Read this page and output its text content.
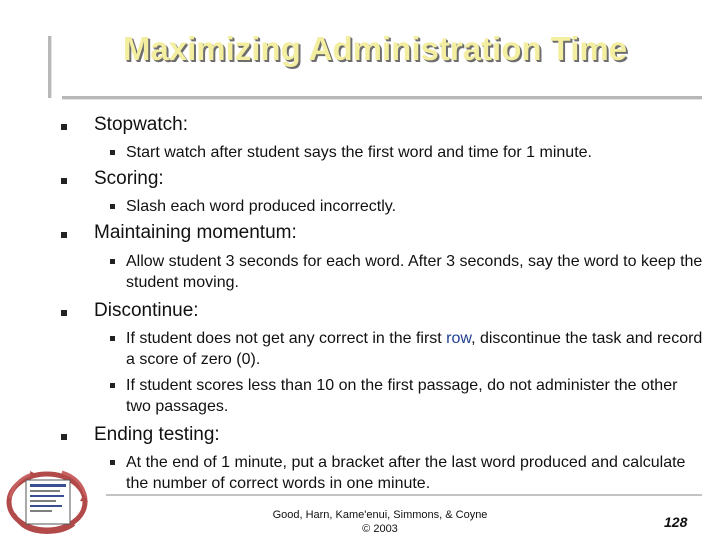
Maximizing Administration Time
Stopwatch:
Start watch after student says the first word and time for 1 minute.
Scoring:
Slash each word produced incorrectly.
Maintaining momentum:
Allow student 3 seconds for each word. After 3 seconds, say the word to keep the student moving.
Discontinue:
If student does not get any correct in the first row, discontinue the task and record a score of zero (0).
If student scores less than 10 on the first passage, do not administer the other two passages.
Ending testing:
At the end of 1 minute, put a bracket after the last word produced and calculate the number of correct words in one minute.
Good, Harn, Kame'enui, Simmons, & Coyne
© 2003	128
